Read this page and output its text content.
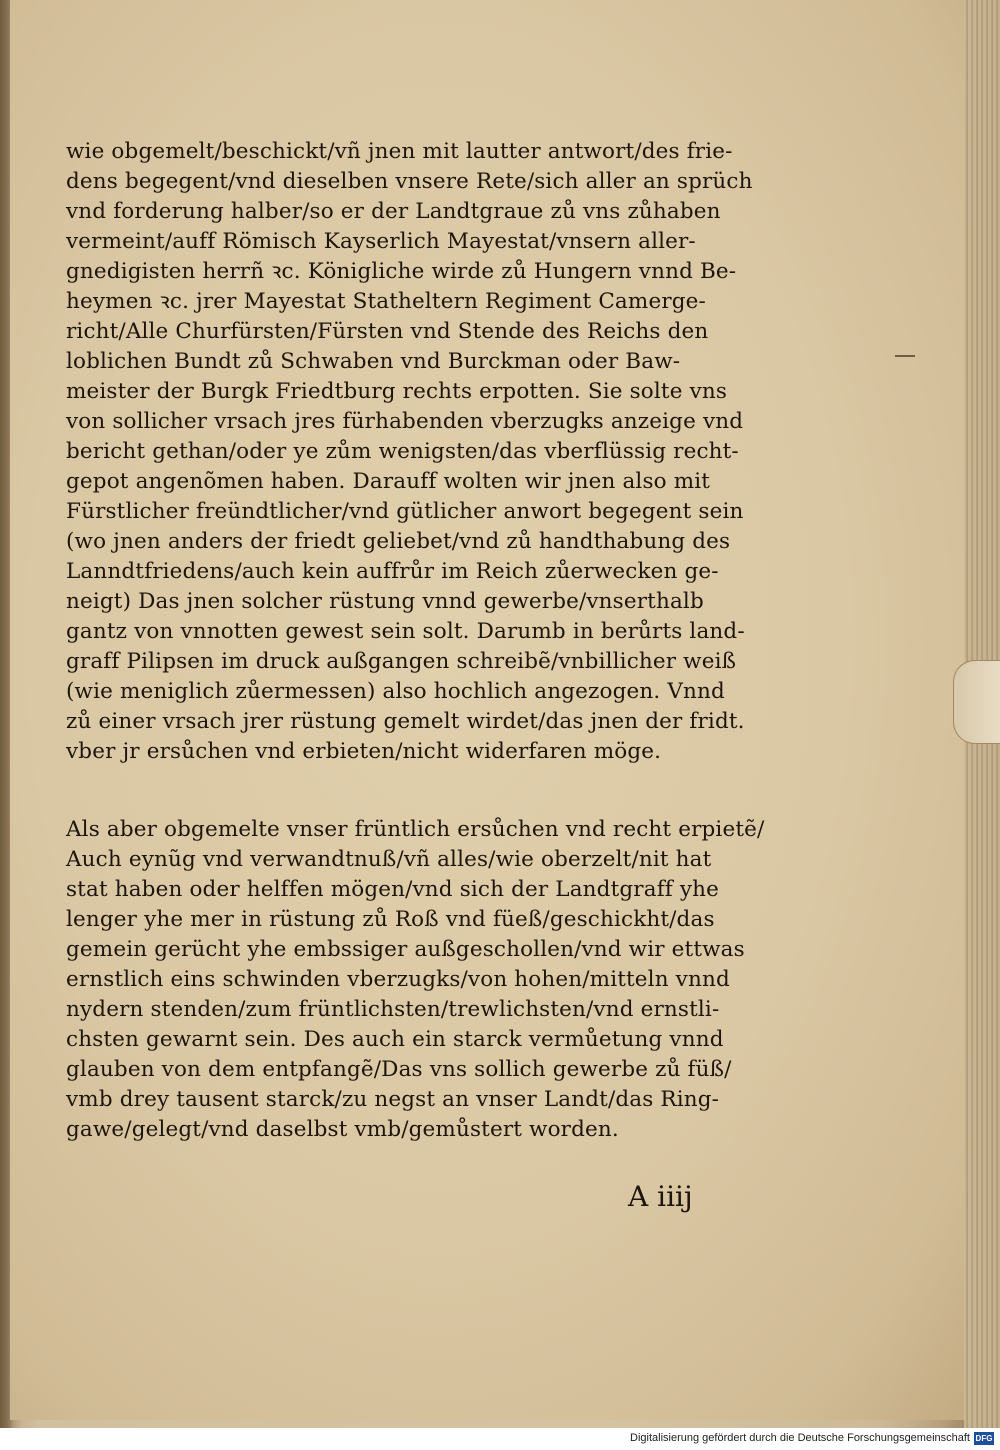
wie obgemelt/beschickt/vñ jnen mit lautter antwort/des frie-
dens begegent/vnd dieselben vnsere Rete/sich aller an sprüch
vnd forderung halber/so er der Landtgraue zů vns zůhaben
vermeint/auff Römisch Kayserlich Mayestat/vnsern aller-
gnedigisten herrñ ꝛc. Königliche wirde zů Hungern vnnd Be-
heymen ꝛc. jrer Mayestat Statheltern Regiment Camerge-
richt/Alle Churfürsten/Fürsten vnd Stende des Reichs den
loblichen Bundt zů Schwaben vnd Burckman oder Baw-
meister der Burgk Friedtburg rechts erpotten. Sie solte vns
von sollicher vrsach jres fürhabenden vberzugks anzeige vnd
bericht gethan/oder ye zům wenigsten/das vberflüssig recht-
gepot angenõmen haben. Darauff wolten wir jnen also mit
Fürstlicher freündtlicher/vnd gütlicher anwort begegent sein
(wo jnen anders der friedt geliebet/vnd zů handthabung des
Lanndtfriedens/auch kein auffrůr im Reich zůerwecken ge-
neigt) Das jnen solcher rüstung vnnd gewerbe/vnserthalb
gantz von vnnotten gewest sein solt. Darumb in berůrts land-
graff Pilipsen im druck außgangen schreibẽ/vnbillicher weiß
(wie meniglich zůermessen) also hochlich angezogen. Vnnd
zů einer vrsach jrer rüstung gemelt wirdet/das jnen der fridt.
vber jr ersůchen vnd erbieten/nicht widerfaren möge.
Als aber obgemelte vnser früntlich ersůchen vnd recht erpietẽ/
Auch eynũg vnd verwandtnuß/vñ alles/wie oberzelt/nit hat
stat haben oder helffen mögen/vnd sich der Landtgraff yhe
lenger yhe mer in rüstung zů Roß vnd füeß/geschickht/das
gemein gerücht yhe embssiger außgeschollen/vnd wir ettwas
ernstlich eins schwinden vberzugks/von hohen/mitteln vnnd
nydern stenden/zum früntlichsten/trewlichsten/vnd ernstli-
chsten gewarnt sein. Des auch ein starck vermůetung vnnd
glauben von dem entpfangẽ/Das vns sollich gewerbe zů füß/
vmb drey tausent starck/zu negst an vnser Landt/das Ring-
gawe/gelegt/vnd daselbst vmb/gemůstert worden.
A iiij
Digitalisierung gefördert durch die Deutsche Forschungsgemeinschaft DFG
